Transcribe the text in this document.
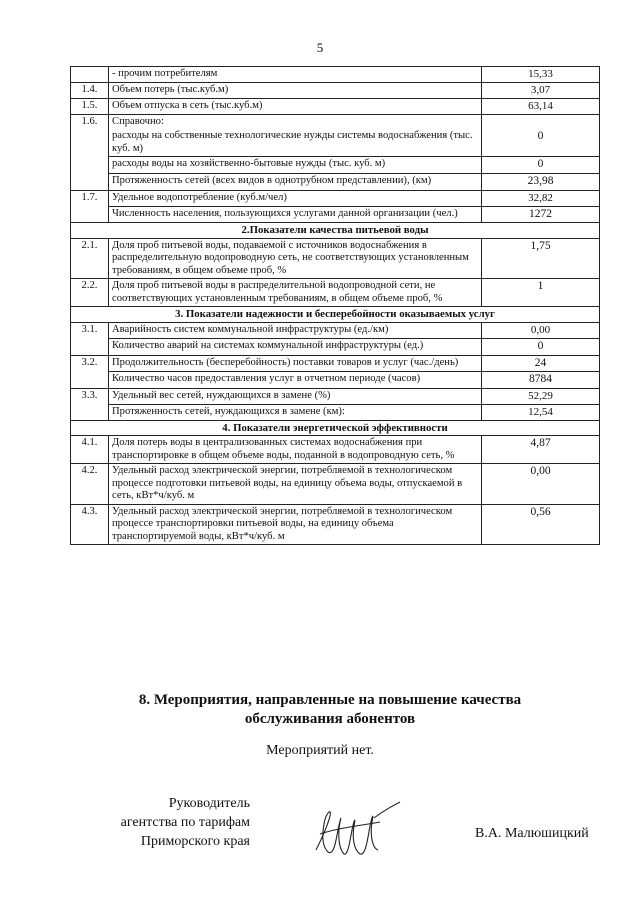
5
	- прочим потребителям	15,33
1.4.	Объем потерь (тыс.куб.м)	3,07
1.5.	Объем отпуска в сеть (тыс.куб.м)	63,14
1.6.	Справочно:	
	расходы на собственные технологические нужды системы водоснабжения (тыс. куб. м)	0
	расходы воды на хозяйственно-бытовые нужды (тыс. куб. м)	0
	Протяженность сетей (всех видов в однотрубном представлении), (км)	23,98
1.7.	Удельное водопотребление (куб.м/чел)	32,82
	Численность населения, пользующихся услугами данной организации (чел.)	1272
2.Показатели качества питьевой воды		
2.1.	Доля проб питьевой воды, подаваемой с источников водоснабжения в распределительную водопроводную сеть, не соответствующих установленным требованиям, в общем объеме проб, %	1,75
2.2.	Доля проб питьевой воды в распределительной водопроводной сети, не соответствующих установленным требованиям, в общем объеме проб, %	1
3. Показатели надежности и бесперебойности оказываемых услуг		
3.1.	Аварийность систем коммунальной инфраструктуры (ед./км)	0,00
	Количество аварий на системах коммунальной инфраструктуры (ед.)	0
3.2.	Продолжительность (бесперебойность) поставки товаров и услуг (час./день)	24
	Количество часов предоставления услуг в отчетном периоде (часов)	8784
3.3.	Удельный вес сетей, нуждающихся в замене (%)	52,29
	Протяженность сетей, нуждающихся в замене (км):	12,54
4. Показатели энергетической эффективности		
4.1.	Доля потерь воды в централизованных системах водоснабжения при транспортировке в общем объеме воды, поданной в водопроводную сеть, %	4,87
4.2.	Удельный расход электрической энергии, потребляемой в технологическом процессе подготовки питьевой воды, на единицу объема воды, отпускаемой в сеть, кВт*ч/куб. м	0,00
4.3.	Удельный расход электрической энергии, потребляемой в технологическом процессе транспортировки питьевой воды, на единицу объема транспортируемой воды, кВт*ч/куб. м	0,56
8. Мероприятия, направленные на повышение качества
обслуживания абонентов
Мероприятий нет.
Руководитель
агентства по тарифам
Приморского края
В.А. Малюшицкий
